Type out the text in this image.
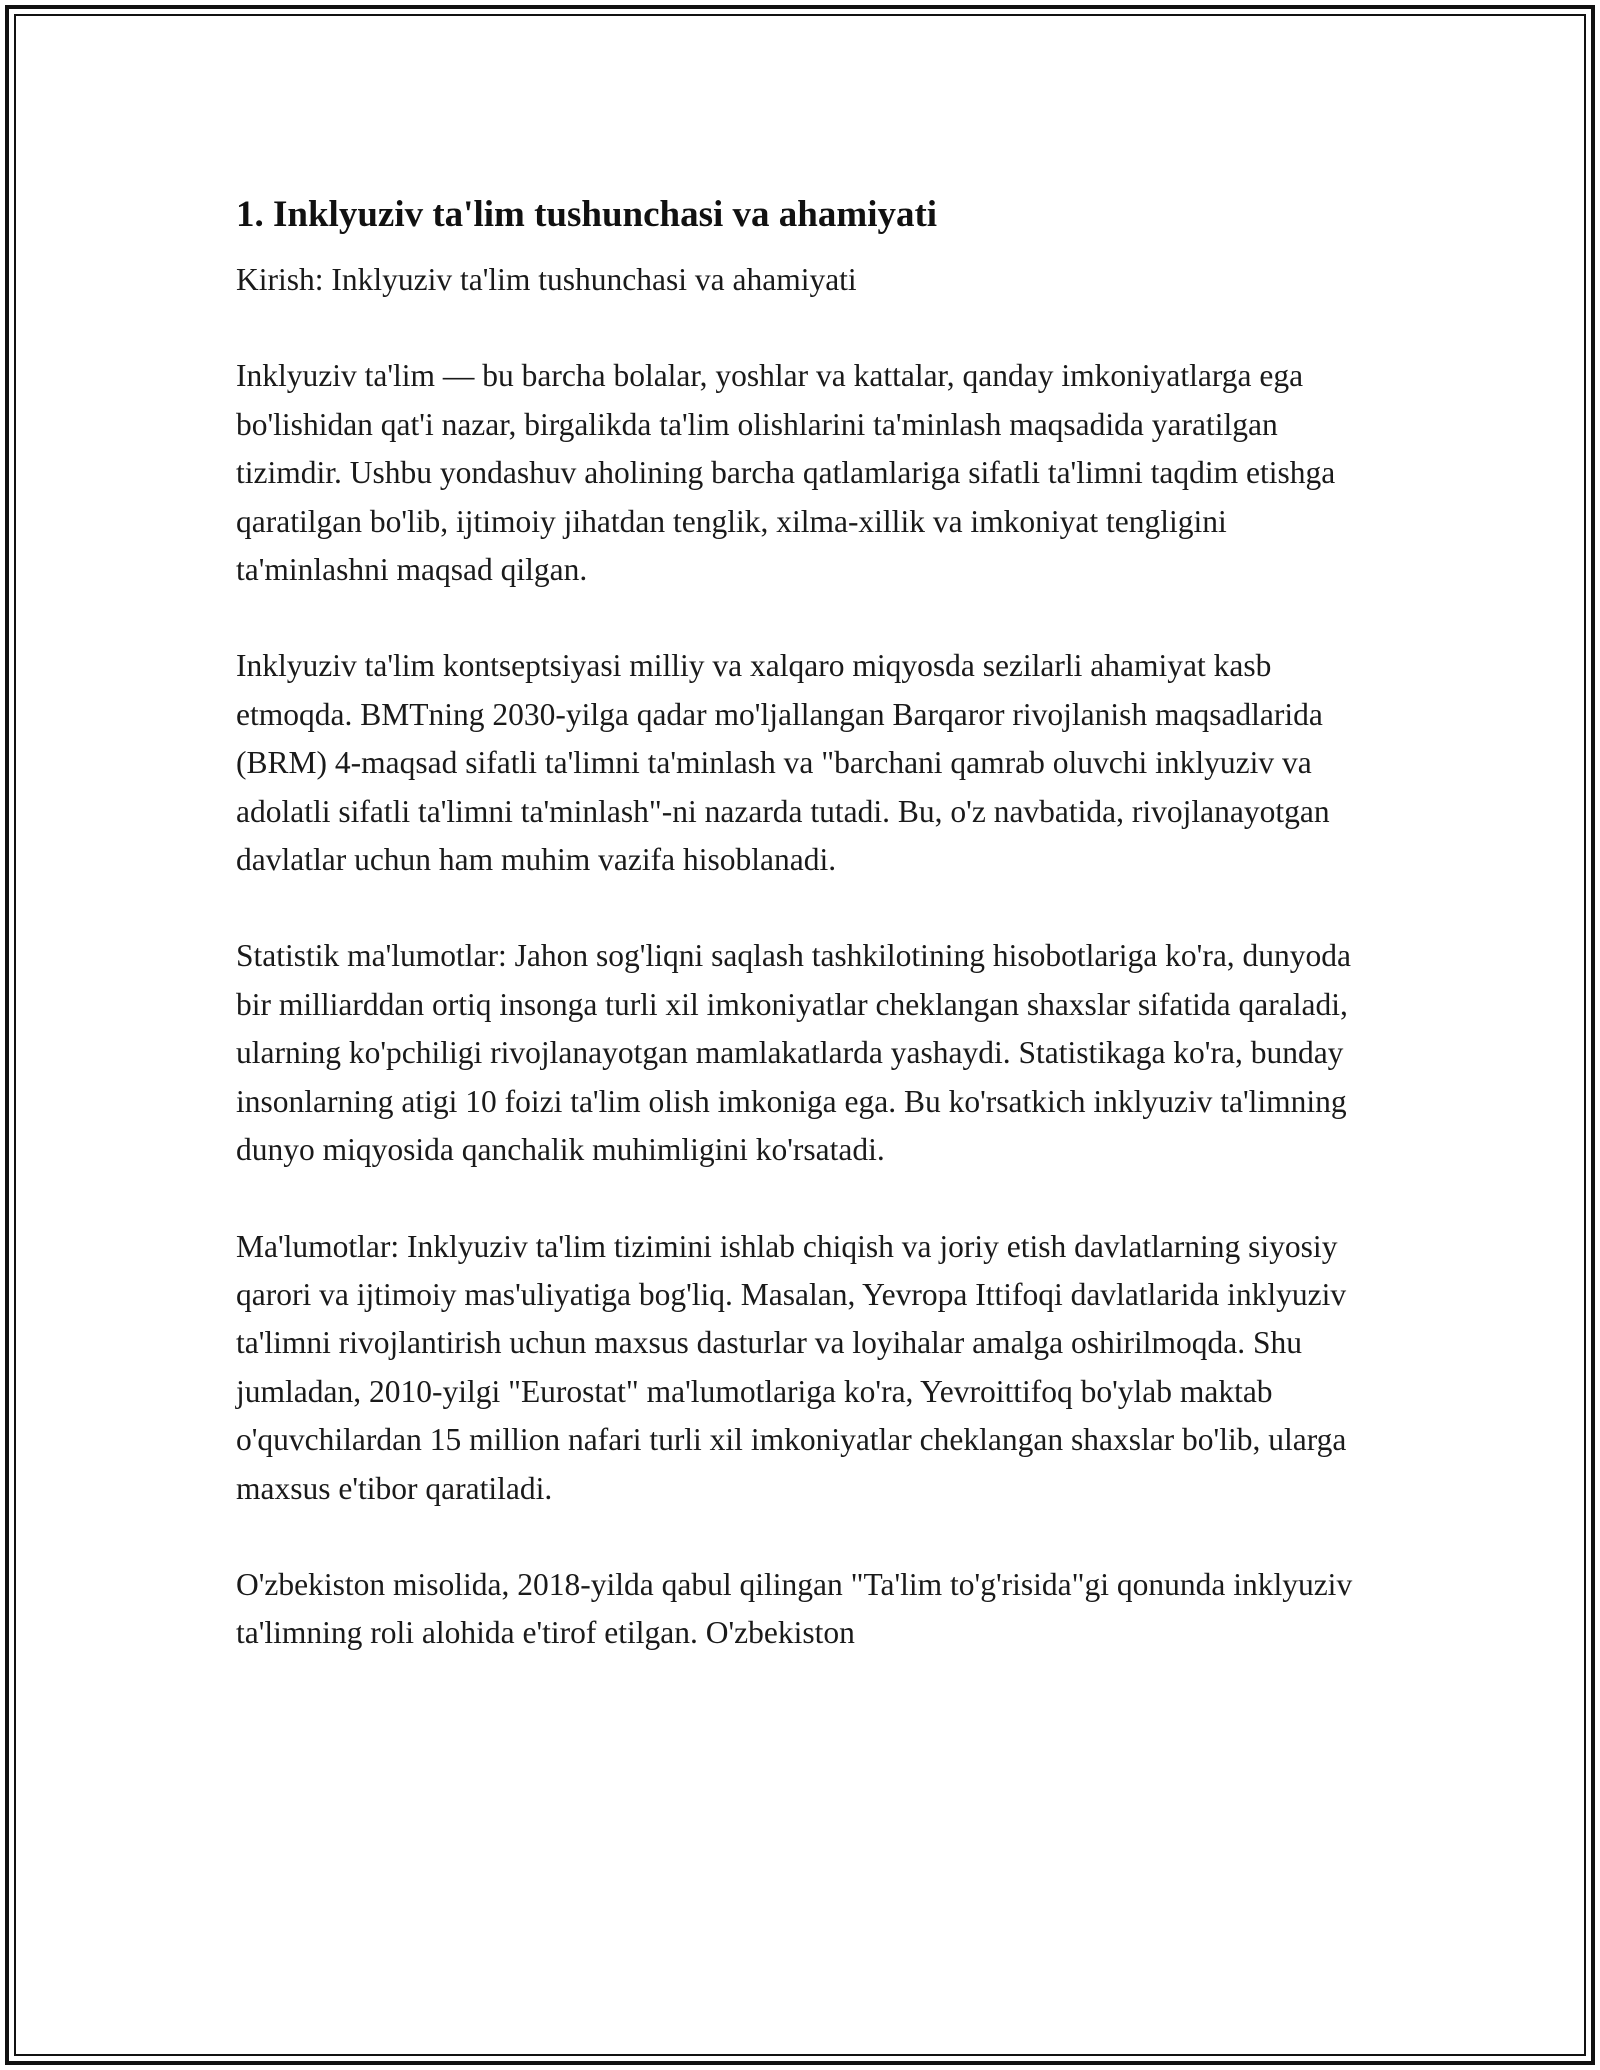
1. Inklyuziv ta'lim tushunchasi va ahamiyati

Kirish: Inklyuziv ta'lim tushunchasi va ahamiyati

Inklyuziv ta'lim — bu barcha bolalar, yoshlar va kattalar, qanday imkoniyatlarga ega bo'lishidan qat'i nazar, birgalikda ta'lim olishlarini ta'minlash maqsadida yaratilgan tizimdir. Ushbu yondashuv aholining barcha qatlamlariga sifatli ta'limni taqdim etishga qaratilgan bo'lib, ijtimoiy jihatdan tenglik, xilma-xillik va imkoniyat tengligini ta'minlashni maqsad qilgan.

Inklyuziv ta'lim kontseptsiyasi milliy va xalqaro miqyosda sezilarli ahamiyat kasb etmoqda. BMTning 2030-yilga qadar mo'ljallangan Barqaror rivojlanish maqsadlarida (BRM) 4-maqsad sifatli ta'limni ta'minlash va "barchani qamrab oluvchi inklyuziv va adolatli sifatli ta'limni ta'minlash"-ni nazarda tutadi. Bu, o'z navbatida, rivojlanayotgan davlatlar uchun ham muhim vazifa hisoblanadi.

Statistik ma'lumotlar: Jahon sog'liqni saqlash tashkilotining hisobotlariga ko'ra, dunyoda bir milliarddan ortiq insonga turli xil imkoniyatlar cheklangan shaxslar sifatida qaraladi, ularning ko'pchiligi rivojlanayotgan mamlakatlarda yashaydi. Statistikaga ko'ra, bunday insonlarning atigi 10 foizi ta'lim olish imkoniga ega. Bu ko'rsatkich inklyuziv ta'limning dunyo miqyosida qanchalik muhimligini ko'rsatadi.

Ma'lumotlar: Inklyuziv ta'lim tizimini ishlab chiqish va joriy etish davlatlarning siyosiy qarori va ijtimoiy mas'uliyatiga bog'liq. Masalan, Yevropa Ittifoqi davlatlarida inklyuziv ta'limni rivojlantirish uchun maxsus dasturlar va loyihalar amalga oshirilmoqda. Shu jumladan, 2010-yilgi "Eurostat" ma'lumotlariga ko'ra, Yevroittifoq bo'ylab maktab o'quvchilardan 15 million nafari turli xil imkoniyatlar cheklangan shaxslar bo'lib, ularga maxsus e'tibor qaratiladi.

O'zbekiston misolida, 2018-yilda qabul qilingan "Ta'lim to'g'risida"gi qonunda inklyuziv ta'limning roli alohida e'tirof etilgan. O'zbekiston
